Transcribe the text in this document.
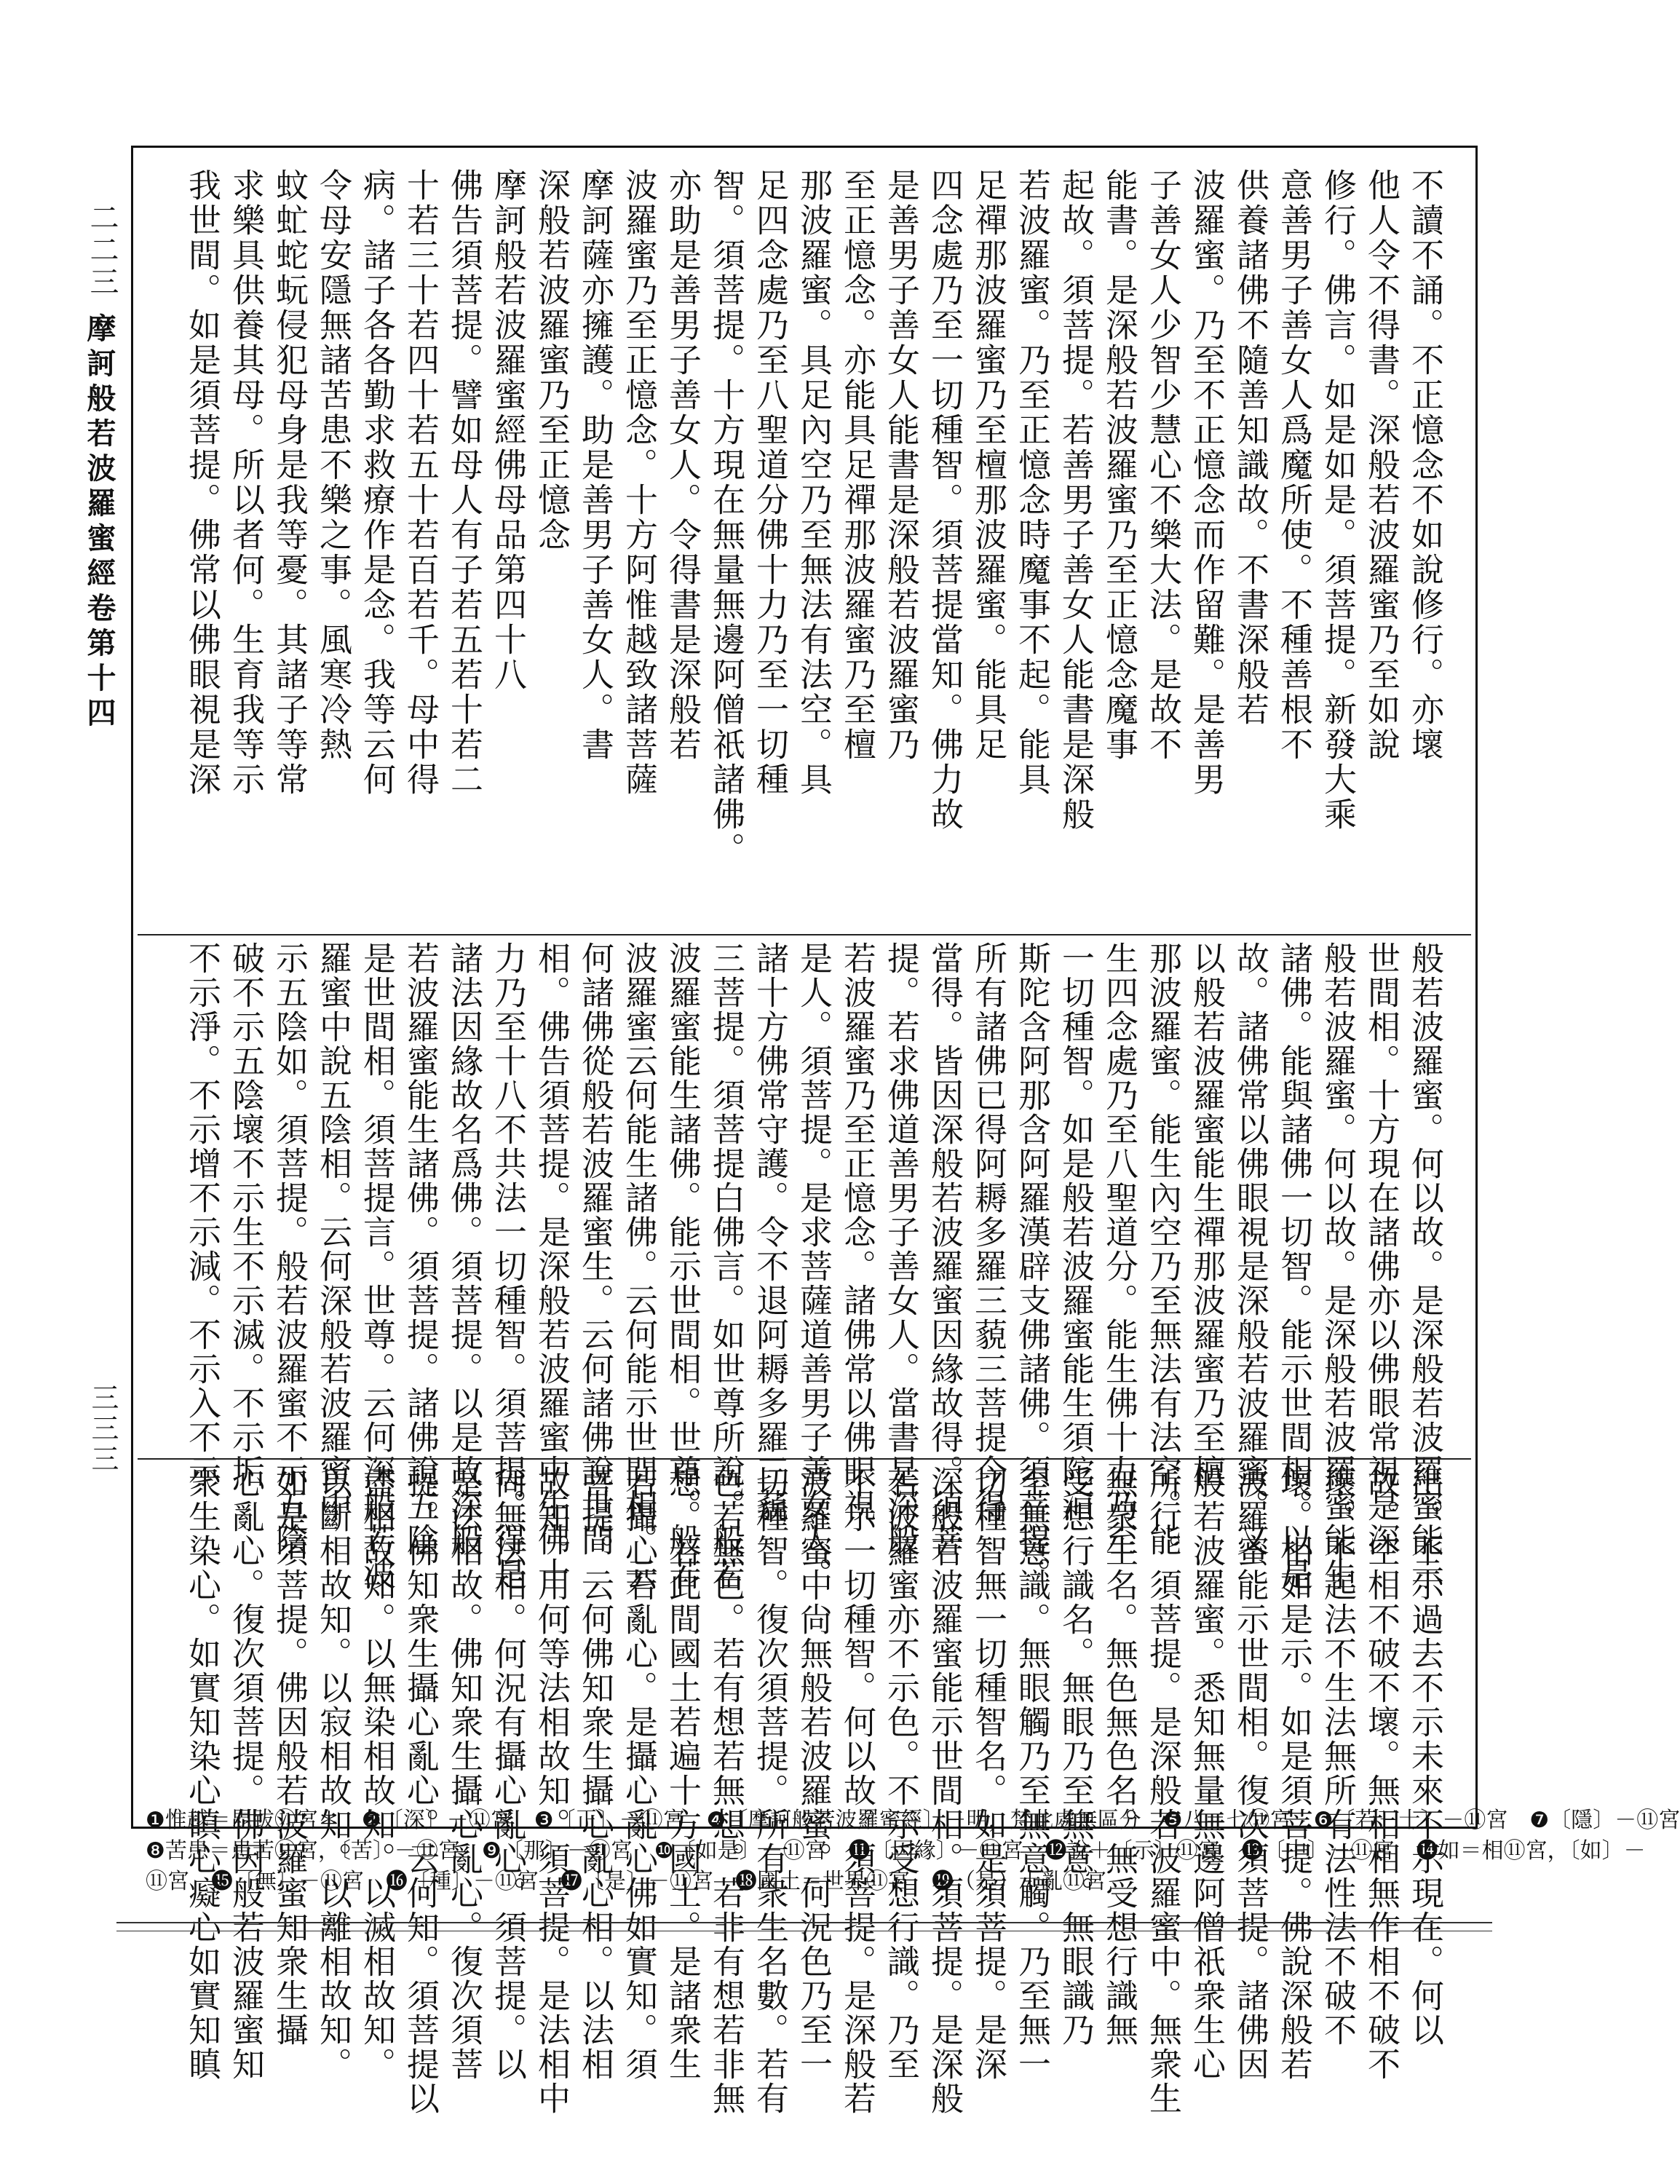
二二三
摩訶般若波羅蜜經卷第十四
三三三
不讀不誦。不正憶念不如說修行。亦壞
他人令不得書。深般若波羅蜜乃至如說
修行。佛言。如是如是。須菩提。新發大乘
意善男子善女人爲魔所使。不種善根不
供養諸佛不隨善知識故。不書深般若
波羅蜜。乃至不正憶念而作留難。是善男
子善女人少智少慧心不樂大法。是故不
能書。是深般若波羅蜜乃至正憶念魔事
起故。須菩提。若善男子善女人能書是深般
若波羅蜜。乃至正憶念時魔事不起。能具
足禪那波羅蜜乃至檀那波羅蜜。能具足
四念處乃至一切種智。須菩提當知。佛力故
是善男子善女人能書是深般若波羅蜜乃
至正憶念。亦能具足禪那波羅蜜乃至檀
那波羅蜜。具足內空乃至無法有法空。具
足四念處乃至八聖道分佛十力乃至一切種
智。須菩提。十方現在無量無邊阿僧祇諸佛。
亦助是善男子善女人。令得書是深般若
波羅蜜乃至正憶念。十方阿惟越致諸菩薩
摩訶薩亦擁護。助是善男子善女人。書
深般若波羅蜜乃至正憶念
摩訶般若波羅蜜經佛母品第四十八
佛告須菩提。譬如母人有子若五若十若二
十若三十若四十若五十若百若千。母中得
病。諸子各各勤求救療作是念。我等云何
令母安隱無諸苦患不樂之事。風寒冷熱
蚊虻蛇蚖侵犯母身是我等憂。其諸子等常
求樂具供養其母。所以者何。生育我等示
我世間。如是須菩提。佛常以佛眼視是深
般若波羅蜜。何以故。是深般若波羅蜜能示
世間相。十方現在諸佛亦以佛眼常視是深
般若波羅蜜。何以故。是深般若波羅蜜能生
諸佛。能與諸佛一切智。能示世間相。以是
故。諸佛常以佛眼視是深般若波羅蜜。又
以般若波羅蜜能生禪那波羅蜜乃至檀
那波羅蜜。能生內空乃至無法有法空。能
生四念處乃至八聖道分。能生佛十力乃至
一切種智。如是般若波羅蜜能生須陀洹
斯陀含阿那含阿羅漢辟支佛諸佛。須菩提。
所有諸佛已得阿耨多羅三藐三菩提今得
當得。皆因深般若波羅蜜因緣故得。須菩
提。若求佛道善男子善女人。當書是深般
若波羅蜜乃至正憶念。諸佛常以佛眼視
是人。須菩提。是求菩薩道善男子善女人。
諸十方佛常守護。令不退阿耨多羅三藐
三菩提。須菩提白佛言。如世尊所說。般若
波羅蜜能生諸佛。能示世間相。世尊。般若
波羅蜜云何能生諸佛。云何能示世間相。云
何諸佛從般若波羅蜜生。云何諸佛說世間
相。佛告須菩提。是深般若波羅蜜中生佛十
力乃至十八不共法一切種智。須菩提。得是
諸法因緣故名爲佛。須菩提。以是故深般
若波羅蜜能生諸佛。須菩提。諸佛說五陰
是世間相。須菩提言。世尊。云何深般若波
羅蜜中說五陰相。云何深般若波羅蜜中
示五陰如。須菩提。般若波羅蜜不示五陰
破不示五陰壞不示生不示滅。不示垢
不示淨。不示增不示減。不示入不示
出。不示過去不示未來不示現在。何以
故。空相不破不壞。無相相無作相不破不
壞。不起法不生法無所有法性法不破不
壞。相如是示。如是須菩提。佛說深般若
波羅蜜能示世間相。復次須菩提。諸佛因
般若波羅蜜。悉知無量無邊阿僧祇衆生心
所行。須菩提。是深般若波羅蜜中。無衆生
無衆生名。無色無色名。無受想行識無
受想行識名。無眼乃至無意。無眼識乃
至無意識。無眼觸乃至無意觸。乃至無一
切種智無一切種智名。如是須菩提。是深
深般若波羅蜜能示世間相。須菩提。是深般
若波羅蜜亦不示色。不示受想行識。乃至
不示一切種智。何以故。須菩提。是深般若
波羅蜜中尙無般若波羅蜜。何況色乃至一
切種智。復次須菩提。所有衆生名數。若有
色若無色。若有想若無想。若非有想若非無
想。若此間國土若遍十方國土。是諸衆生
若攝心若亂心。是攝心亂心佛如實知。須
菩提。云何佛知衆生攝心亂心相。以法相
故知。用何等法相故知。須菩提。是法相中
尙無法相。何況有攝心亂心。須菩提。以
是法相故。佛知衆生攝心亂心。復次須菩
提。佛知衆生攝心亂心。云何知。須菩提以
盡相故知。以無染相故知。以滅相故知。
以斷相故知。以寂相故知。以離相故知。
如是須菩提。佛因般若波羅蜜知衆生攝
心亂心。復次須菩提。佛因般若波羅蜜知
衆生染心。如實知染心瞋心癡心如實知瞋
❶惟越＝毘跋⑪宮＊　❷〔深〕－⑪宮　❸〔正〕－⑪宮　❹〔摩訶般若波羅蜜經〕－明，梵此處無區分　❺八＝七⑪宮　❻〔若三十〕－⑪宮　❼〔隱〕－⑪宮
❽苦患＝患苦⑪宮，〔苦〕－⑪宮　❾〔那〕－⑪宮　❿〔如是〕－⑪宮　⓫〔因緣〕－⑪宮　⓬說＋〔示〕⑪宮　⓭〔中〕－⑪宮　⓮如＝相⑪宮，〔如〕－
⑪宮　⓯〔無〕－⑪宮　⓰〔種〕－⑪宮　⓱〔是〕－⑪宮　⓲國土＝世界⑪宮　⓳（是）十亂⑪宮
